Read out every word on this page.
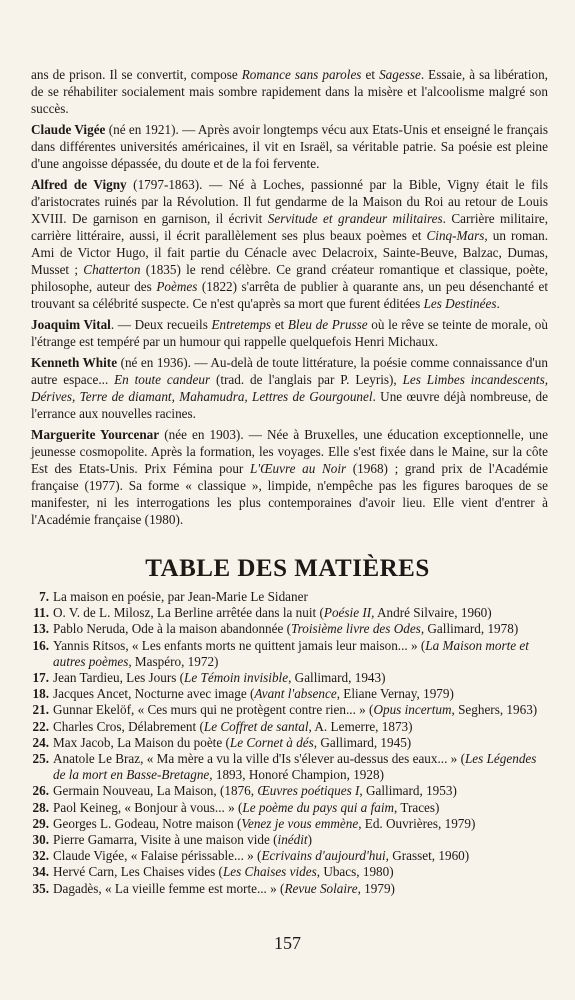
ans de prison. Il se convertit, compose Romance sans paroles et Sagesse. Essaie, à sa libération, de se réhabiliter socialement mais sombre rapidement dans la misère et l'alcoolisme malgré son succès.

Claude Vigée (né en 1921). — Après avoir longtemps vécu aux Etats-Unis et enseigné le français dans différentes universités américaines, il vit en Israël, sa véritable patrie. Sa poésie est pleine d'une angoisse dépassée, du doute et de la foi fervente.

Alfred de Vigny (1797-1863). — Né à Loches, passionné par la Bible, Vigny était le fils d'aristocrates ruinés par la Révolution. Il fut gendarme de la Maison du Roi au retour de Louis XVIII. De garnison en garnison, il écrivit Servitude et grandeur militaires. Carrière militaire, carrière littéraire, aussi, il écrit parallèlement ses plus beaux poèmes et Cinq-Mars, un roman. Ami de Victor Hugo, il fait partie du Cénacle avec Delacroix, Sainte-Beuve, Balzac, Dumas, Musset ; Chatterton (1835) le rend célèbre. Ce grand créateur romantique et classique, poète, philosophe, auteur des Poèmes (1822) s'arrêta de publier à quarante ans, un peu désenchanté et trouvant sa célébrité suspecte. Ce n'est qu'après sa mort que furent éditées Les Destinées.

Joaquim Vital. — Deux recueils Entretemps et Bleu de Prusse où le rêve se teinte de morale, où l'étrange est tempéré par un humour qui rappelle quelquefois Henri Michaux.

Kenneth White (né en 1936). — Au-delà de toute littérature, la poésie comme connaissance d'un autre espace... En toute candeur (trad. de l'anglais par P. Leyris), Les Limbes incandescents, Dérives, Terre de diamant, Mahamudra, Lettres de Gourgounel. Une œuvre déjà nombreuse, de l'errance aux nouvelles racines.

Marguerite Yourcenar (née en 1903). — Née à Bruxelles, une éducation exceptionnelle, une jeunesse cosmopolite. Après la formation, les voyages. Elle s'est fixée dans le Maine, sur la côte Est des Etats-Unis. Prix Fémina pour L'Œuvre au Noir (1968) ; grand prix de l'Académie française (1977). Sa forme « classique », limpide, n'empêche pas les figures baroques de se manifester, ni les interrogations les plus contemporaines d'avoir lieu. Elle vient d'entrer à l'Académie française (1980).

TABLE DES MATIÈRES
7. La maison en poésie, par Jean-Marie Le Sidaner
11. O. V. de L. Milosz, La Berline arrêtée dans la nuit (Poésie II, André Silvaire, 1960)
13. Pablo Neruda, Ode à la maison abandonnée (Troisième livre des Odes, Gallimard, 1978)
16. Yannis Ritsos, « Les enfants morts ne quittent jamais leur maison... » (La Maison morte et autres poèmes, Maspéro, 1972)
17. Jean Tardieu, Les Jours (Le Témoin invisible, Gallimard, 1943)
18. Jacques Ancet, Nocturne avec image (Avant l'absence, Eliane Vernay, 1979)
21. Gunnar Ekelöf, « Ces murs qui ne protègent contre rien... » (Opus incertum, Seghers, 1963)
22. Charles Cros, Délabrement (Le Coffret de santal, A. Lemerre, 1873)
24. Max Jacob, La Maison du poète (Le Cornet à dés, Gallimard, 1945)
25. Anatole Le Braz, « Ma mère a vu la ville d'Is s'élever au-dessus des eaux... » (Les Légendes de la mort en Basse-Bretagne, 1893, Honoré Champion, 1928)
26. Germain Nouveau, La Maison, (1876, Œuvres poétiques I, Gallimard, 1953)
28. Paol Keineg, « Bonjour à vous... » (Le poème du pays qui a faim, Traces)
29. Georges L. Godeau, Notre maison (Venez je vous emmène, Ed. Ouvrières, 1979)
30. Pierre Gamarra, Visite à une maison vide (inédit)
32. Claude Vigée, « Falaise périssable... » (Ecrivains d'aujourd'hui, Grasset, 1960)
34. Hervé Carn, Les Chaises vides (Les Chaises vides, Ubacs, 1980)
35. Dagadès, « La vieille femme est morte... » (Revue Solaire, 1979)
157
